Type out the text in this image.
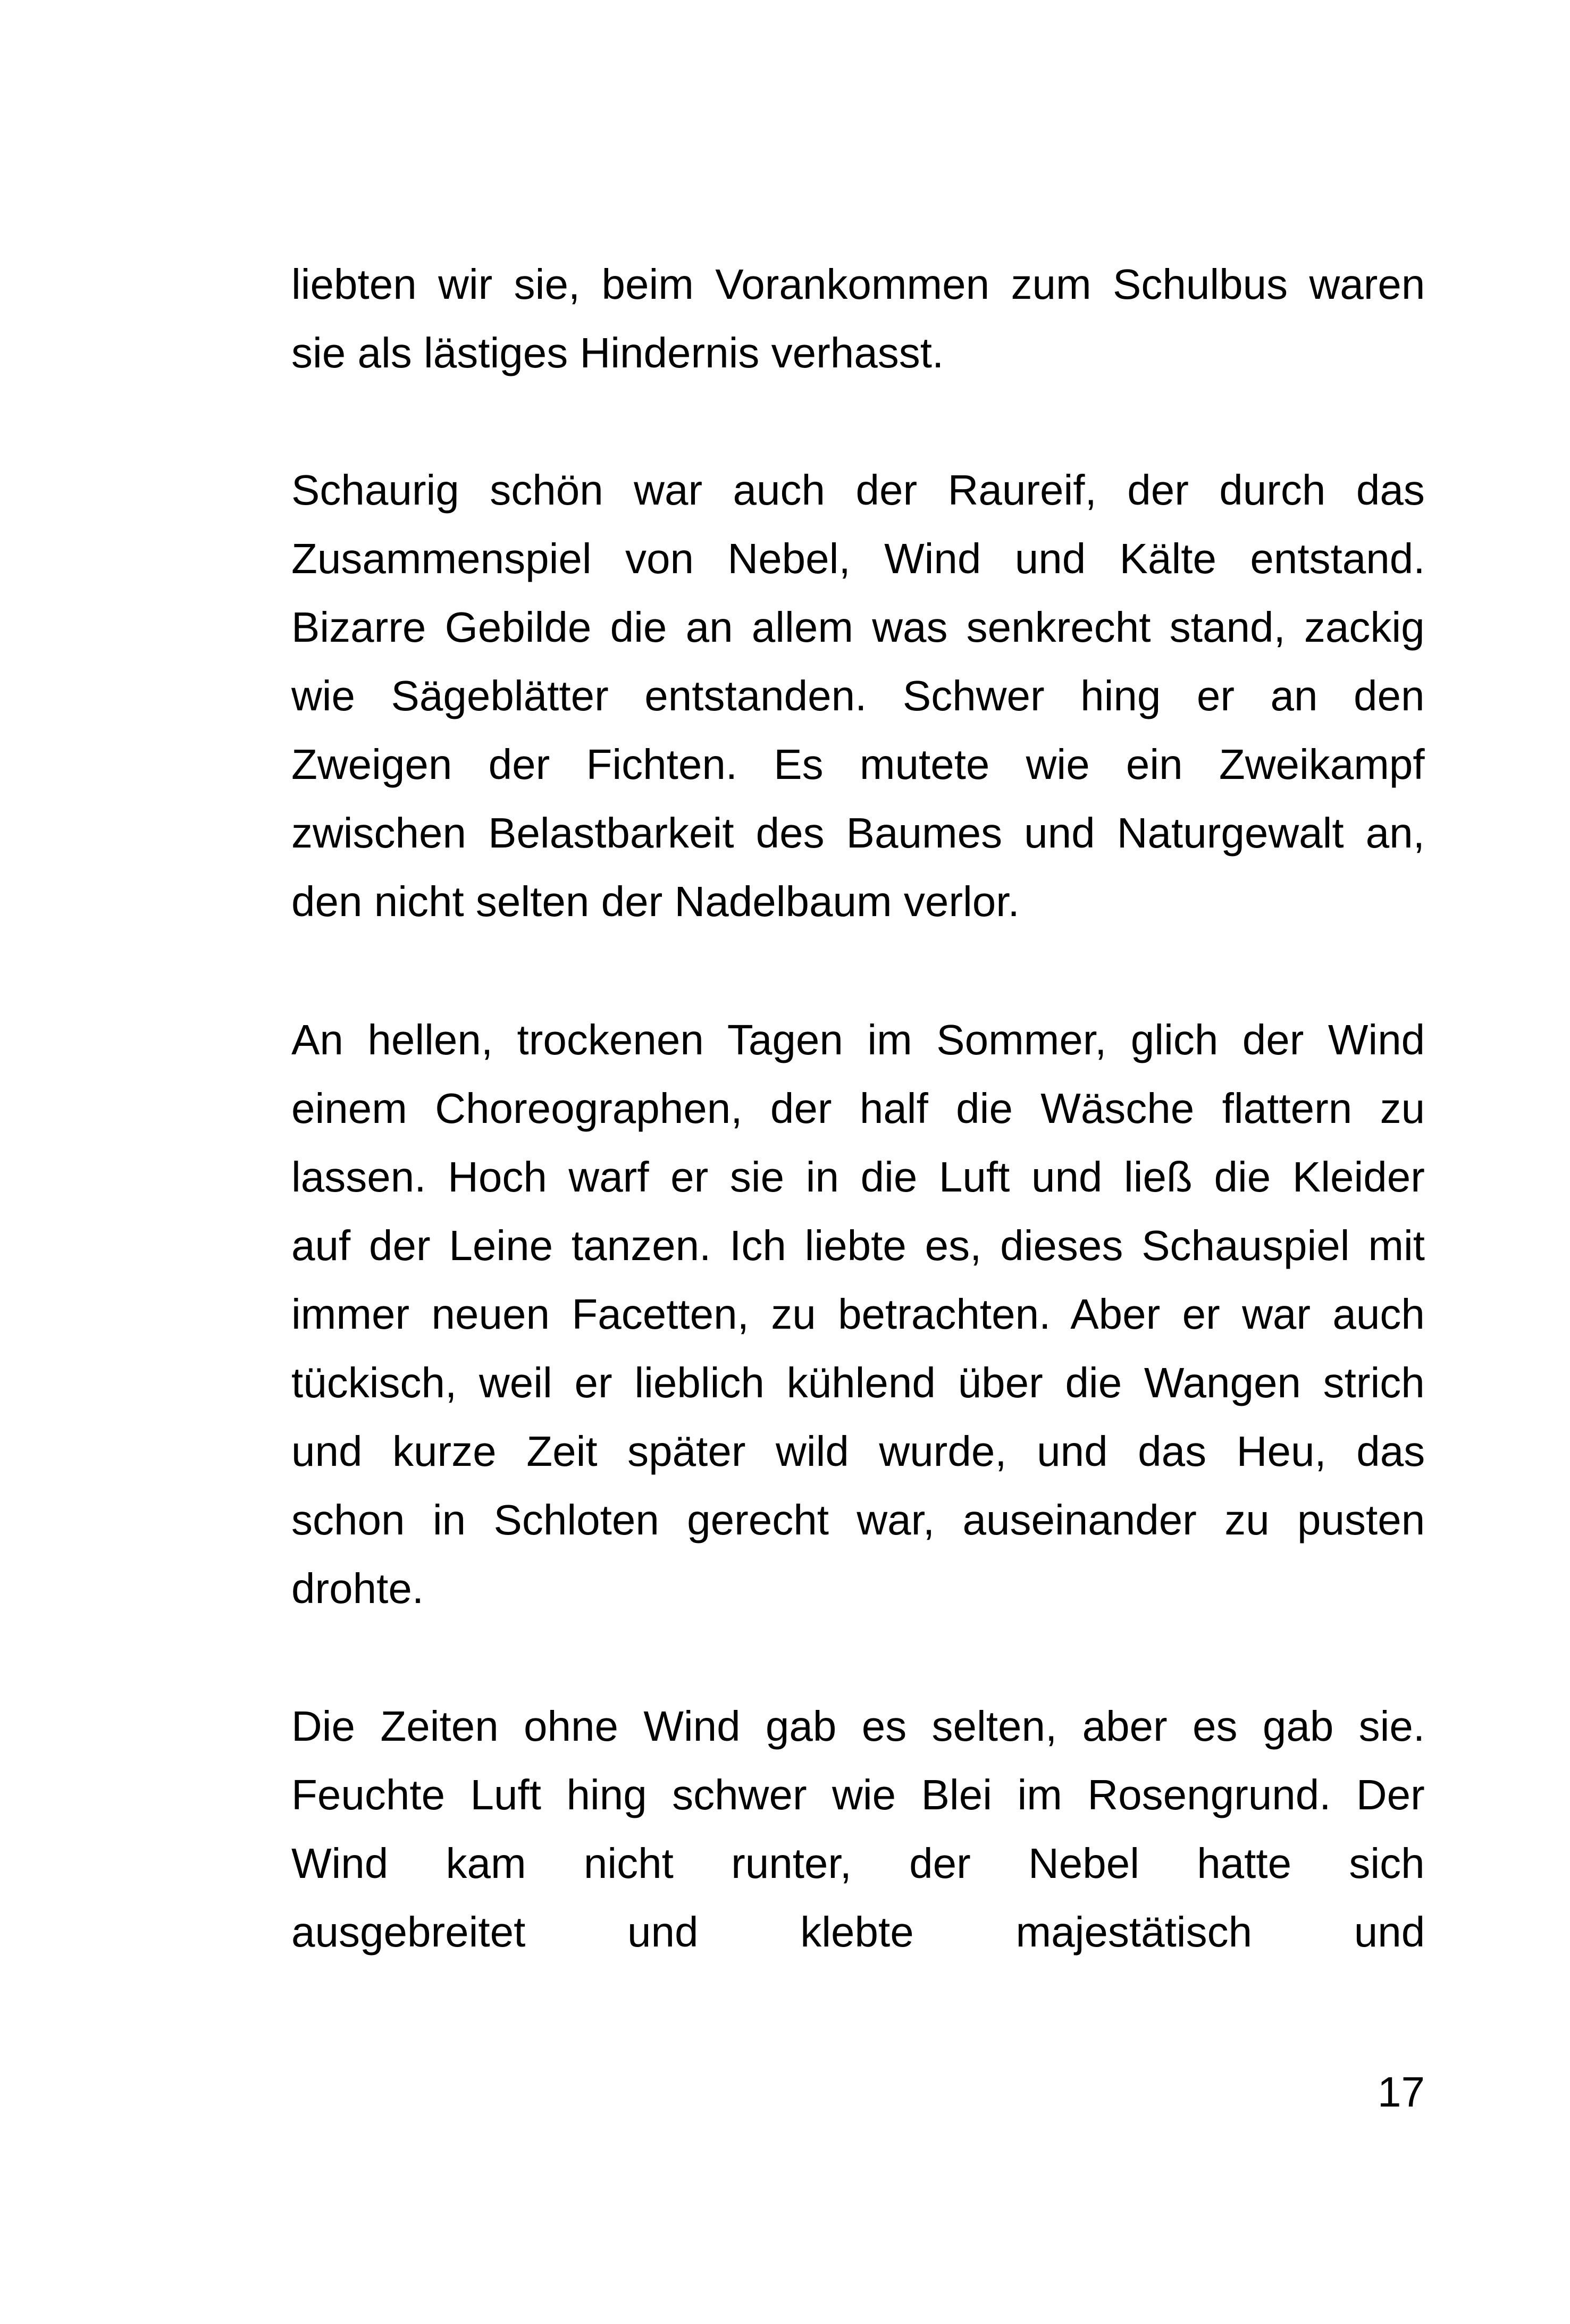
liebten wir sie, beim Vorankommen zum Schulbus waren
sie als lästiges Hindernis verhasst.

Schaurig schön war auch der Raureif, der durch das
Zusammenspiel von Nebel, Wind und Kälte entstand.
Bizarre Gebilde die an allem was senkrecht stand, zackig
wie Sägeblätter entstanden. Schwer hing er an den
Zweigen der Fichten. Es mutete wie ein Zweikampf
zwischen Belastbarkeit des Baumes und Naturgewalt an,
den nicht selten der Nadelbaum verlor.

An hellen, trockenen Tagen im Sommer, glich der Wind
einem Choreographen, der half die Wäsche flattern zu
lassen. Hoch warf er sie in die Luft und ließ die Kleider
auf der Leine tanzen. Ich liebte es, dieses Schauspiel mit
immer neuen Facetten, zu betrachten. Aber er war auch
tückisch, weil er lieblich kühlend über die Wangen strich
und kurze Zeit später wild wurde, und das Heu, das
schon in Schloten gerecht war, auseinander zu pusten
drohte.

Die Zeiten ohne Wind gab es selten, aber es gab sie.
Feuchte Luft hing schwer wie Blei im Rosengrund. Der
Wind kam nicht runter, der Nebel hatte sich
ausgebreitet und klebte majestätisch und

17
